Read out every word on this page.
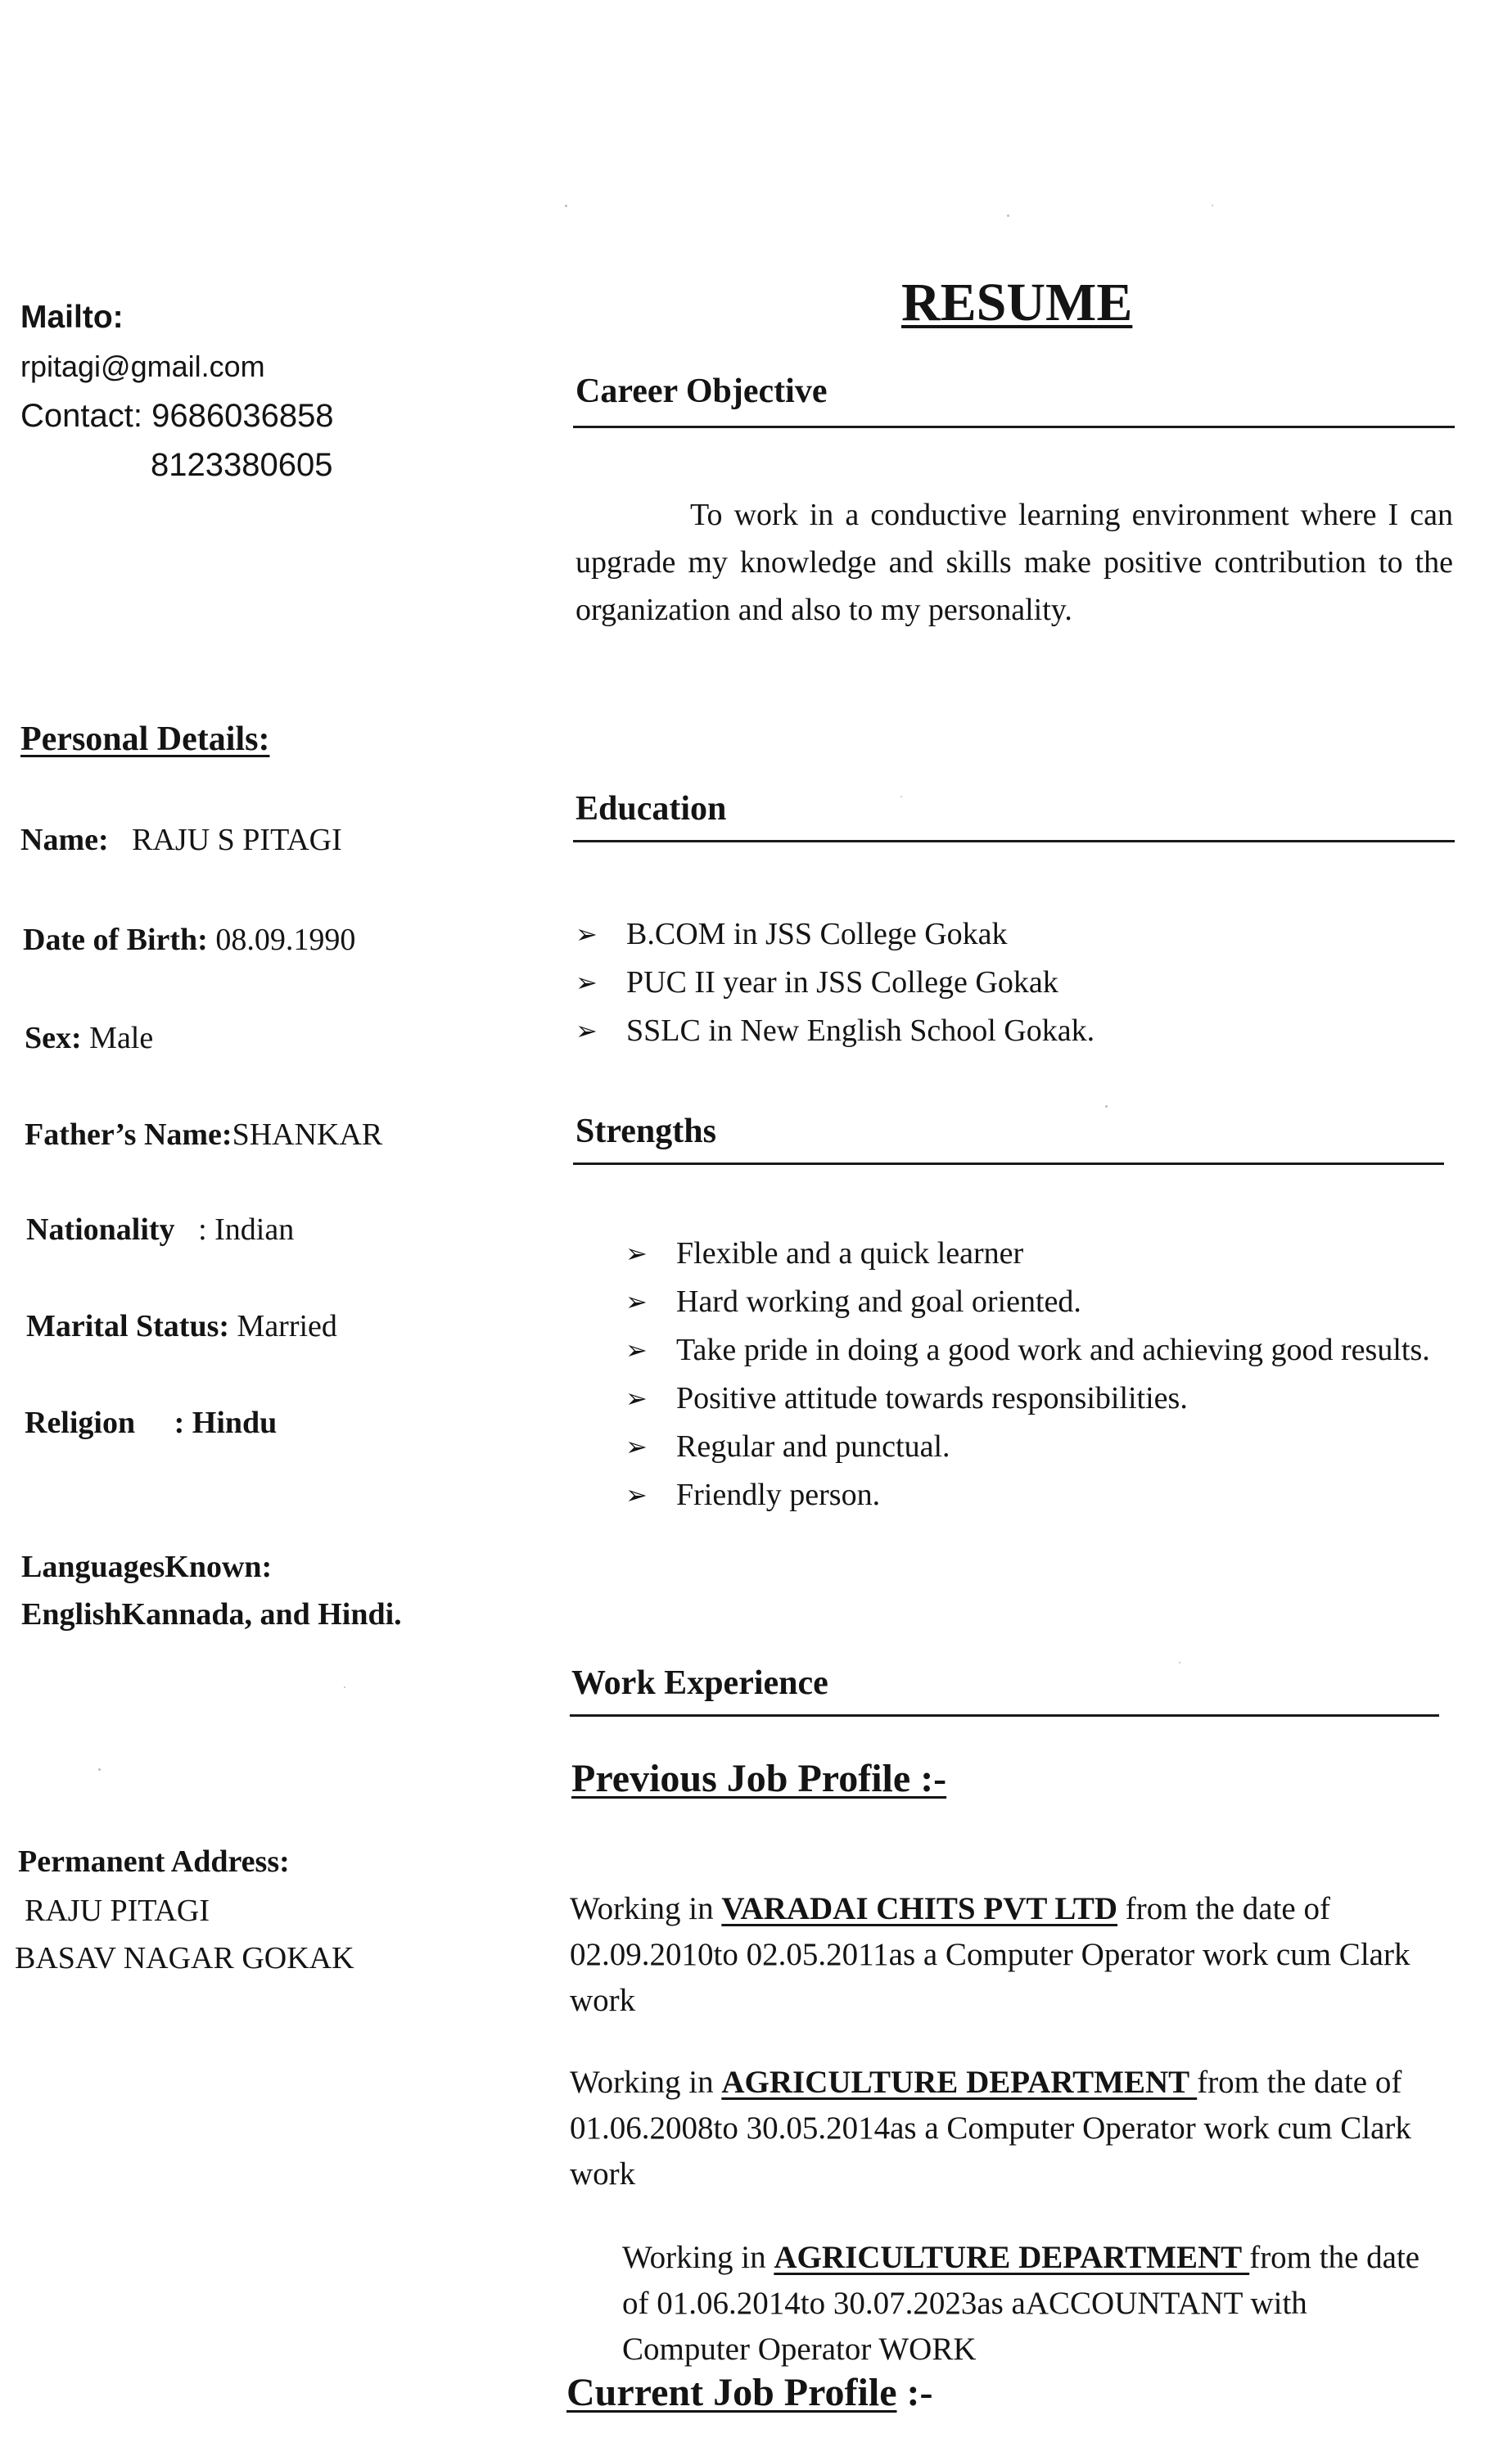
RESUME
Mailto:
rpitagi@gmail.com
Contact: 9686036858
8123380605
Personal Details:
Name: RAJU S PITAGI
Date of Birth: 08.09.1990
Sex: Male
Father’s Name:SHANKAR
Nationality : Indian
Marital Status: Married
Religion : Hindu
LanguagesKnown:
EnglishKannada, and Hindi.
Permanent Address:
RAJU PITAGI
BASAV NAGAR GOKAK
Career Objective
To work in a conductive learning environment where I can upgrade my knowledge and skills make positive contribution to the organization and also to my personality.
Education
➢ B.COM in JSS College Gokak
➢ PUC II year in JSS College Gokak
➢ SSLC in New English School Gokak.
Strengths
➢ Flexible and a quick learner
➢ Hard working and goal oriented.
➢ Take pride in doing a good work and achieving good results.
➢ Positive attitude towards responsibilities.
➢ Regular and punctual.
➢ Friendly person.
Work Experience
Previous Job Profile :-
Working in VARADAI CHITS PVT LTD from the date of 02.09.2010to 02.05.2011as a Computer Operator work cum Clark work
Working in AGRICULTURE DEPARTMENT from the date of 01.06.2008to 30.05.2014as a Computer Operator work cum Clark work
Working in AGRICULTURE DEPARTMENT from the date of 01.06.2014to 30.07.2023as aACCOUNTANT with Computer Operator WORK
Current Job Profile :-
